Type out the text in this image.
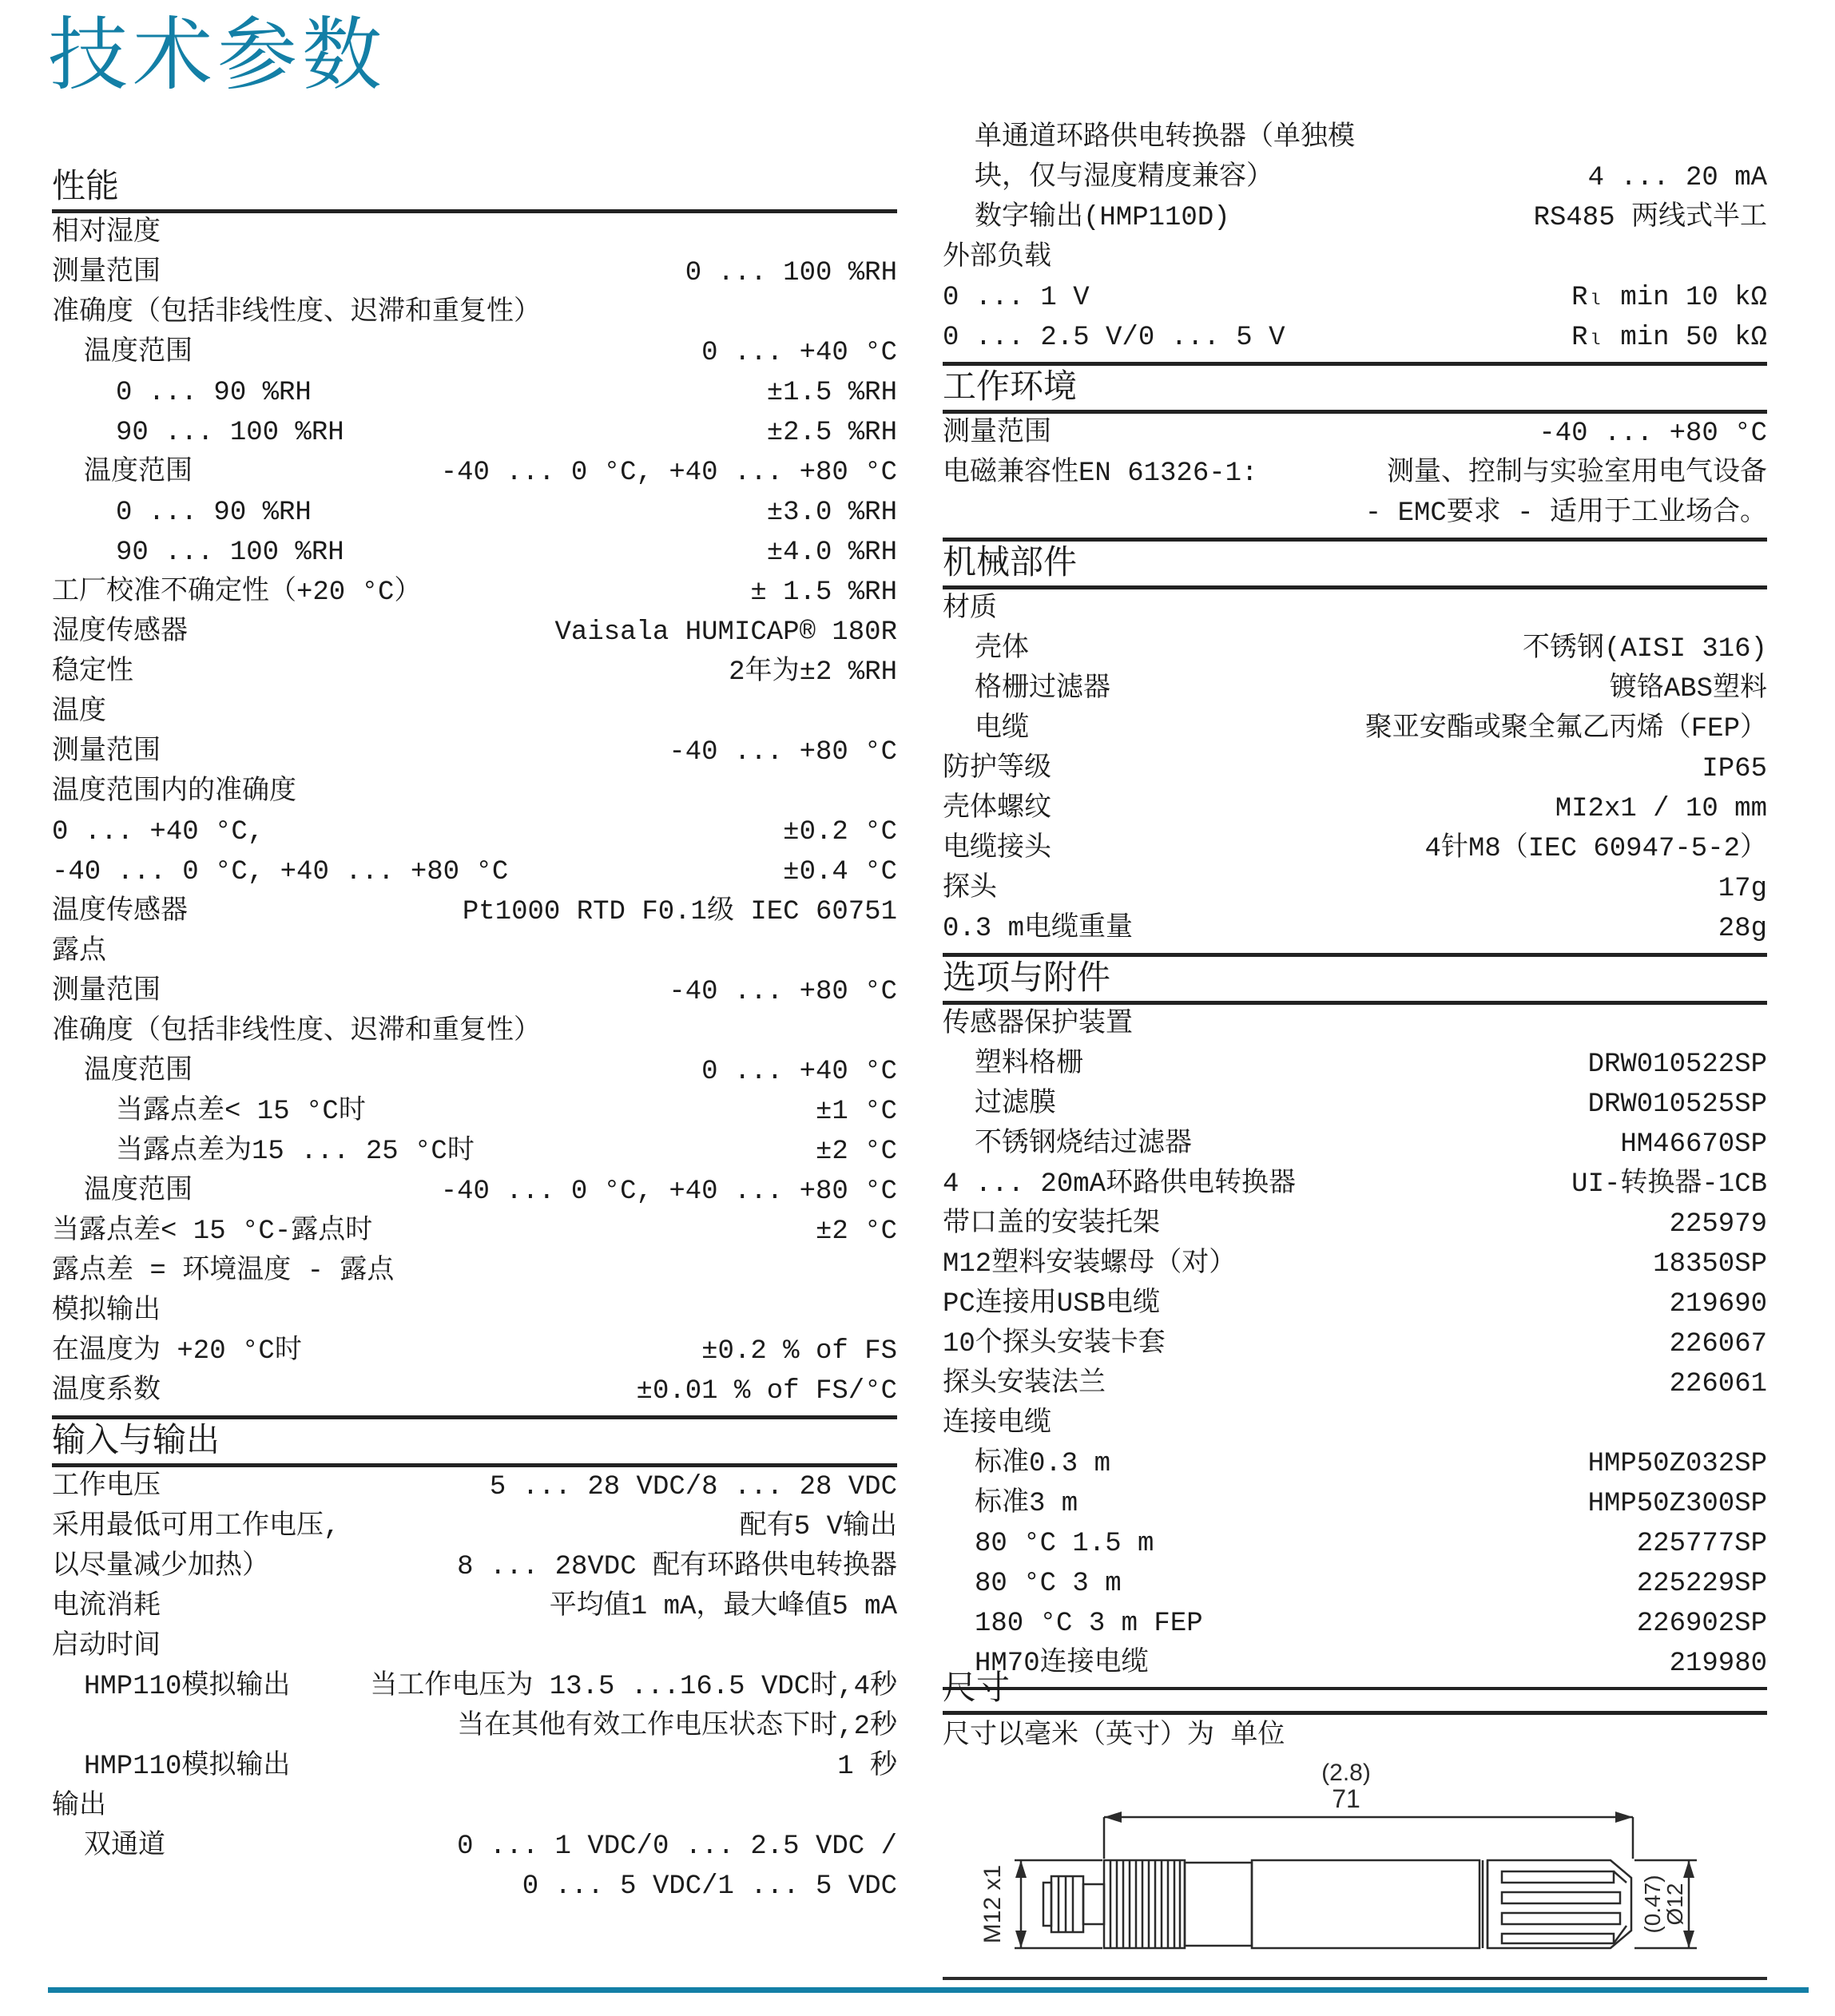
技术参数
性能
相对湿度
测量范围	0 ... 100 %RH
准确度（包括非线性度、迟滞和重复性）
温度范围	0 ... +40 °C
0 ... 90 %RH	±1.5 %RH
90 ... 100 %RH	±2.5 %RH
温度范围	-40 ... 0 °C, +40 ... +80 °C
0 ... 90 %RH	±3.0 %RH
90 ... 100 %RH	±4.0 %RH
工厂校准不确定性（+20 °C）	± 1.5 %RH
湿度传感器	Vaisala HUMICAP® 180R
稳定性	2年为±2 %RH
温度
测量范围	-40 ... +80 °C
温度范围内的准确度
0 ... +40 °C,	±0.2 °C
-40 ... 0 °C, +40 ... +80 °C	±0.4 °C
温度传感器	Pt1000 RTD F0.1级 IEC 60751
露点
测量范围	-40 ... +80 °C
准确度（包括非线性度、迟滞和重复性）
温度范围	0 ... +40 °C
当露点差< 15 °C时	±1 °C
当露点差为15 ... 25 °C时	±2 °C
温度范围	-40 ... 0 °C, +40 ... +80 °C
当露点差< 15 °C-露点时	±2 °C
露点差 = 环境温度 - 露点
模拟输出
在温度为 +20 °C时	±0.2 % of FS
温度系数	±0.01 % of FS/°C
输入与输出
工作电压	5 ... 28 VDC/8 ... 28 VDC
采用最低可用工作电压,	配有5 V输出
以尽量减少加热）	8 ... 28VDC 配有环路供电转换器
电流消耗	平均值1 mA，最大峰值5 mA
启动时间
HMP110模拟输出	当工作电压为 13.5 ...16.5 VDC时,4秒
当在其他有效工作电压状态下时,2秒
HMP110模拟输出	1 秒
输出
双通道	0 ... 1 VDC/0 ... 2.5 VDC /
0 ... 5 VDC/1 ... 5 VDC
单通道环路供电转换器（单独模
块，仅与湿度精度兼容）	4 ... 20 mA
数字输出(HMP110D)	RS485 两线式半工
外部负载
0 ... 1 V	Rₗ min 10 kΩ
0 ... 2.5 V/0 ... 5 V	Rₗ min 50 kΩ
工作环境
测量范围	-40 ... +80 °C
电磁兼容性EN 61326-1:	测量、控制与实验室用电气设备
- EMC要求 - 适用于工业场合。
机械部件
材质
壳体	不锈钢(AISI 316)
格栅过滤器	镀铬ABS塑料
电缆	聚亚安酯或聚全氟乙丙烯（FEP）
防护等级	IP65
壳体螺纹	MI2x1 / 10 mm
电缆接头	4针M8（IEC 60947-5-2）
探头	17g
0.3 m电缆重量	28g
选项与附件
传感器保护装置
塑料格栅	DRW010522SP
过滤膜	DRW010525SP
不锈钢烧结过滤器	HM46670SP
4 ... 20mA环路供电转换器	UI-转换器-1CB
带口盖的安装托架	225979
M12塑料安装螺母（对）	18350SP
PC连接用USB电缆	219690
10个探头安装卡套	226067
探头安装法兰	226061
连接电缆
标准0.3 m	HMP50Z032SP
标准3 m	HMP50Z300SP
80 °C 1.5 m	225777SP
80 °C 3 m	225229SP
180 °C 3 m FEP	226902SP
HM70连接电缆	219980
尺寸
尺寸以毫米（英寸）为 单位
(2.8)
71
M12 x1	(0.47)
Ø12
